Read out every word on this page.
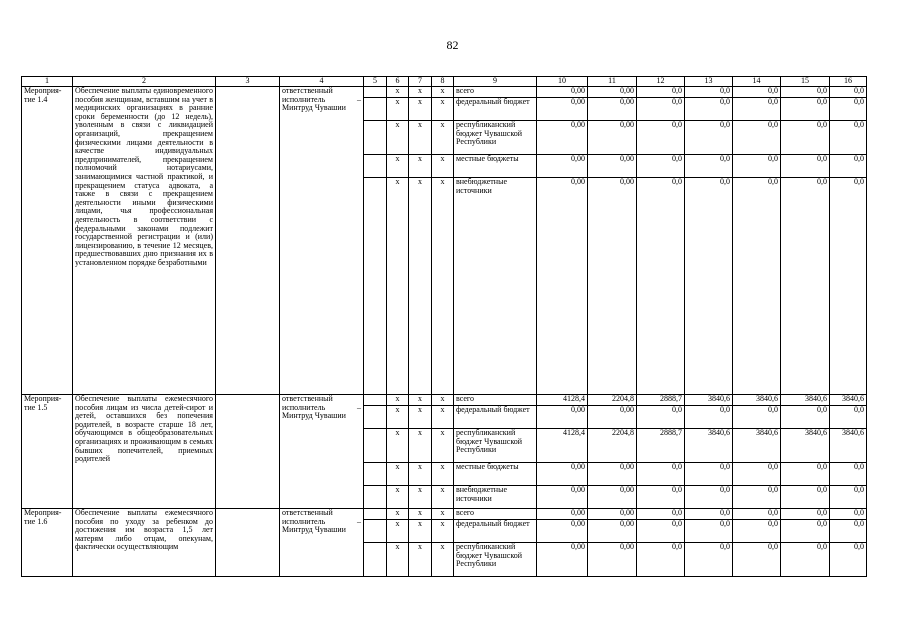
82
1	2	3	4	5	6	7	8	9	10	11	12	13	14	15	16
Мероприя-тие 1.4	Обеспечение выплаты единовременного пособия женщинам, вставшим на учет в медицинских организациях в ранние сроки беременности (до 12 недель), уволенным в связи с ликвидацией организаций, прекращением физическими лицами деятельности в качестве индивидуальных предпринимателей, прекращением полномочий нотариусами, занимающимися частной практикой, и прекращением статуса адвоката, а также в связи с прекращением деятельности иными физическими лицами, чья профессиональная деятельность в соответствии с федеральными законами подлежит государственной регистрации и (или) лицензированию, в течение 12 месяцев, предшествовавших дню признания их в установленном порядке безработными		ответственный исполнитель – Минтруд Чувашии		x	x	x	всего	0,00	0,00	0,0	0,0	0,0	0,0	0,0
					x	x	x	федеральный бюджет	0,00	0,00	0,0	0,0	0,0	0,0	0,0
					x	x	x	республиканский бюджет Чувашской Республики	0,00	0,00	0,0	0,0	0,0	0,0	0,0
					x	x	x	местные бюджеты	0,00	0,00	0,0	0,0	0,0	0,0	0,0
					x	x	x	внебюджетные источники	0,00	0,00	0,0	0,0	0,0	0,0	0,0
Мероприя-тие 1.5	Обеспечение выплаты ежемесячного пособия лицам из числа детей-сирот и детей, оставшихся без попечения родителей, в возрасте старше 18 лет, обучающимся в общеобразовательных организациях и проживающим в семьях бывших попечителей, приемных родителей		ответственный исполнитель – Минтруд Чувашии		x	x	x	всего	4128,4	2204,8	2888,7	3840,6	3840,6	3840,6	3840,6
					x	x	x	федеральный бюджет	0,00	0,00	0,0	0,0	0,0	0,0	0,0
					x	x	x	республиканский бюджет Чувашской Республики	4128,4	2204,8	2888,7	3840,6	3840,6	3840,6	3840,6
					x	x	x	местные бюджеты	0,00	0,00	0,0	0,0	0,0	0,0	0,0
					x	x	x	внебюджетные источники	0,00	0,00	0,0	0,0	0,0	0,0	0,0
Мероприя-тие 1.6	Обеспечение выплаты ежемесячного пособия по уходу за ребенком до достижения им возраста 1,5 лет матерям либо отцам, опекунам, фактически осуществляющим		ответственный исполнитель – Минтруд Чувашии		x	x	x	всего	0,00	0,00	0,0	0,0	0,0	0,0	0,0
					x	x	x	федеральный бюджет	0,00	0,00	0,0	0,0	0,0	0,0	0,0
					x	x	x	республиканский бюджет Чувашской Республики	0,00	0,00	0,0	0,0	0,0	0,0	0,0
